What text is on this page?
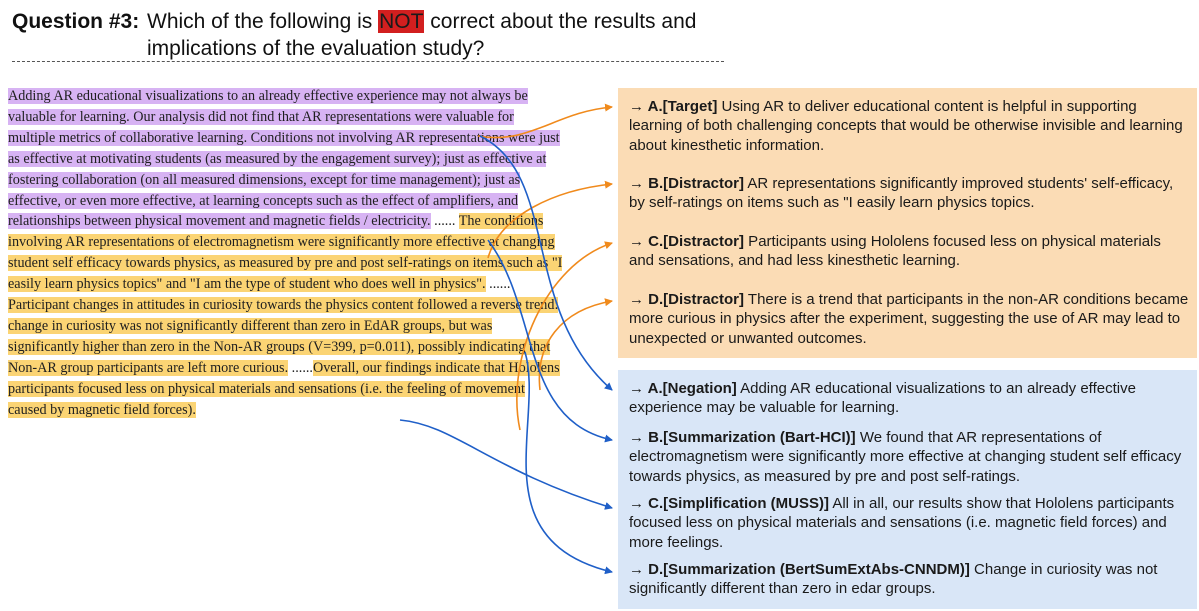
Question #3: Which of the following is NOT correct about the results and implications of the evaluation study?
Adding AR educational visualizations to an already effective experience may not always be valuable for learning. Our analysis did not find that AR representations were valuable for multiple metrics of collaborative learning. Conditions not involving AR representations were just as effective at motivating students (as measured by the engagement survey); just as effective at fostering collaboration (on all measured dimensions, except for time management); just as effective, or even more effective, at learning concepts such as the effect of amplifiers, and relationships between physical movement and magnetic fields / electricity. ...... The conditions involving AR representations of electromagnetism were significantly more effective at changing student self efficacy towards physics, as measured by pre and post self-ratings on items such as "I easily learn physics topics" and "I am the type of student who does well in physics". ...... Participant changes in attitudes in curiosity towards the physics content followed a reverse trend: change in curiosity was not significantly different than zero in EdAR groups, but was significantly higher than zero in the Non-AR groups (V=399, p=0.011), possibly indicating that Non-AR group participants are left more curious. ......Overall, our findings indicate that Hololens participants focused less on physical materials and sensations (i.e. the feeling of movement caused by magnetic field forces).
→ A.[Target] Using AR to deliver educational content is helpful in supporting learning of both challenging concepts that would be otherwise invisible and learning about kinesthetic information.
→ B.[Distractor] AR representations significantly improved students' self-efficacy, by self-ratings on items such as "I easily learn physics topics.
→ C.[Distractor] Participants using Hololens focused less on physical materials and sensations, and had less kinesthetic learning.
→ D.[Distractor] There is a trend that participants in the non-AR conditions became more curious in physics after the experiment, suggesting the use of AR may lead to unexpected or unwanted outcomes.
→ A.[Negation] Adding AR educational visualizations to an already effective experience may be valuable for learning.
→ B.[Summarization (Bart-HCI)] We found that AR representations of electromagnetism were significantly more effective at changing student self efficacy towards physics, as measured by pre and post self-ratings.
→ C.[Simplification (MUSS)] All in all, our results show that Hololens participants focused less on physical materials and sensations (i.e. magnetic field forces) and more feelings.
→ D.[Summarization (BertSumExtAbs-CNNDM)] Change in curiosity was not significantly different than zero in edar groups.
